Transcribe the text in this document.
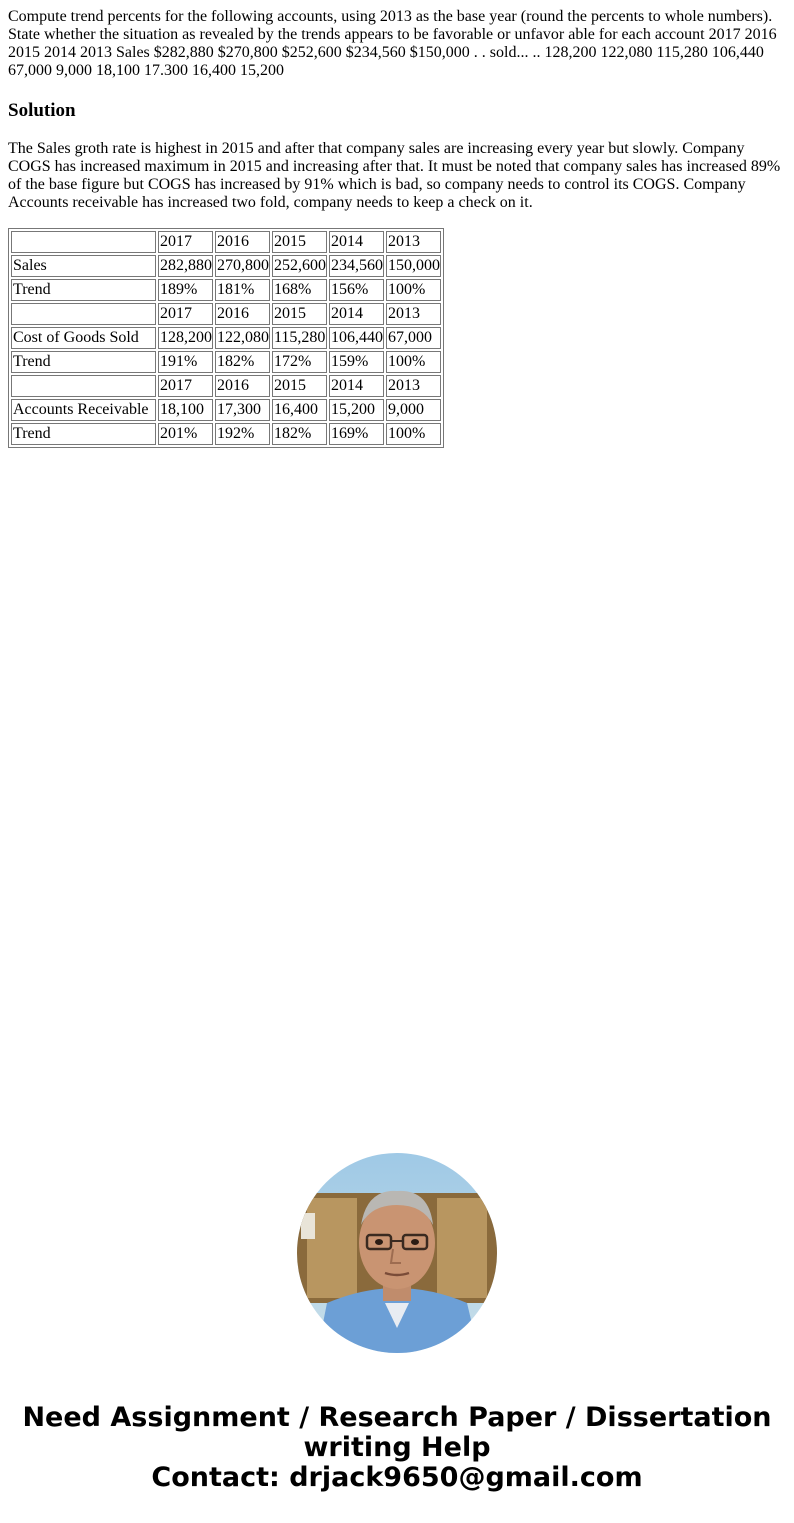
Compute trend percents for the following accounts, using 2013 as the base year (round the percents to whole numbers). State whether the situation as revealed by the trends appears to be favorable or unfavor able for each account 2017 2016 2015 2014 2013 Sales $282,880 $270,800 $252,600 $234,560 $150,000 . . sold... .. 128,200 122,080 115,280 106,440 67,000 9,000 18,100 17.300 16,400 15,200

Solution

The Sales groth rate is highest in 2015 and after that company sales are increasing every year but slowly. Company COGS has increased maximum in 2015 and increasing after that. It must be noted that company sales has increased 89% of the base figure but COGS has increased by 91% which is bad, so company needs to control its COGS. Company Accounts receivable has increased two fold, company needs to keep a check on it.

	2017	2016	2015	2014	2013
Sales	282,880	270,800	252,600	234,560	150,000
Trend	189%	181%	168%	156%	100%
	2017	2016	2015	2014	2013
Cost of Goods Sold	128,200	122,080	115,280	106,440	67,000
Trend	191%	182%	172%	159%	100%
	2017	2016	2015	2014	2013
Accounts Receivable	18,100	17,300	16,400	15,200	9,000
Trend	201%	192%	182%	169%	100%
Need Assignment / Research Paper / Dissertation
writing Help
Contact: drjack9650@gmail.com
